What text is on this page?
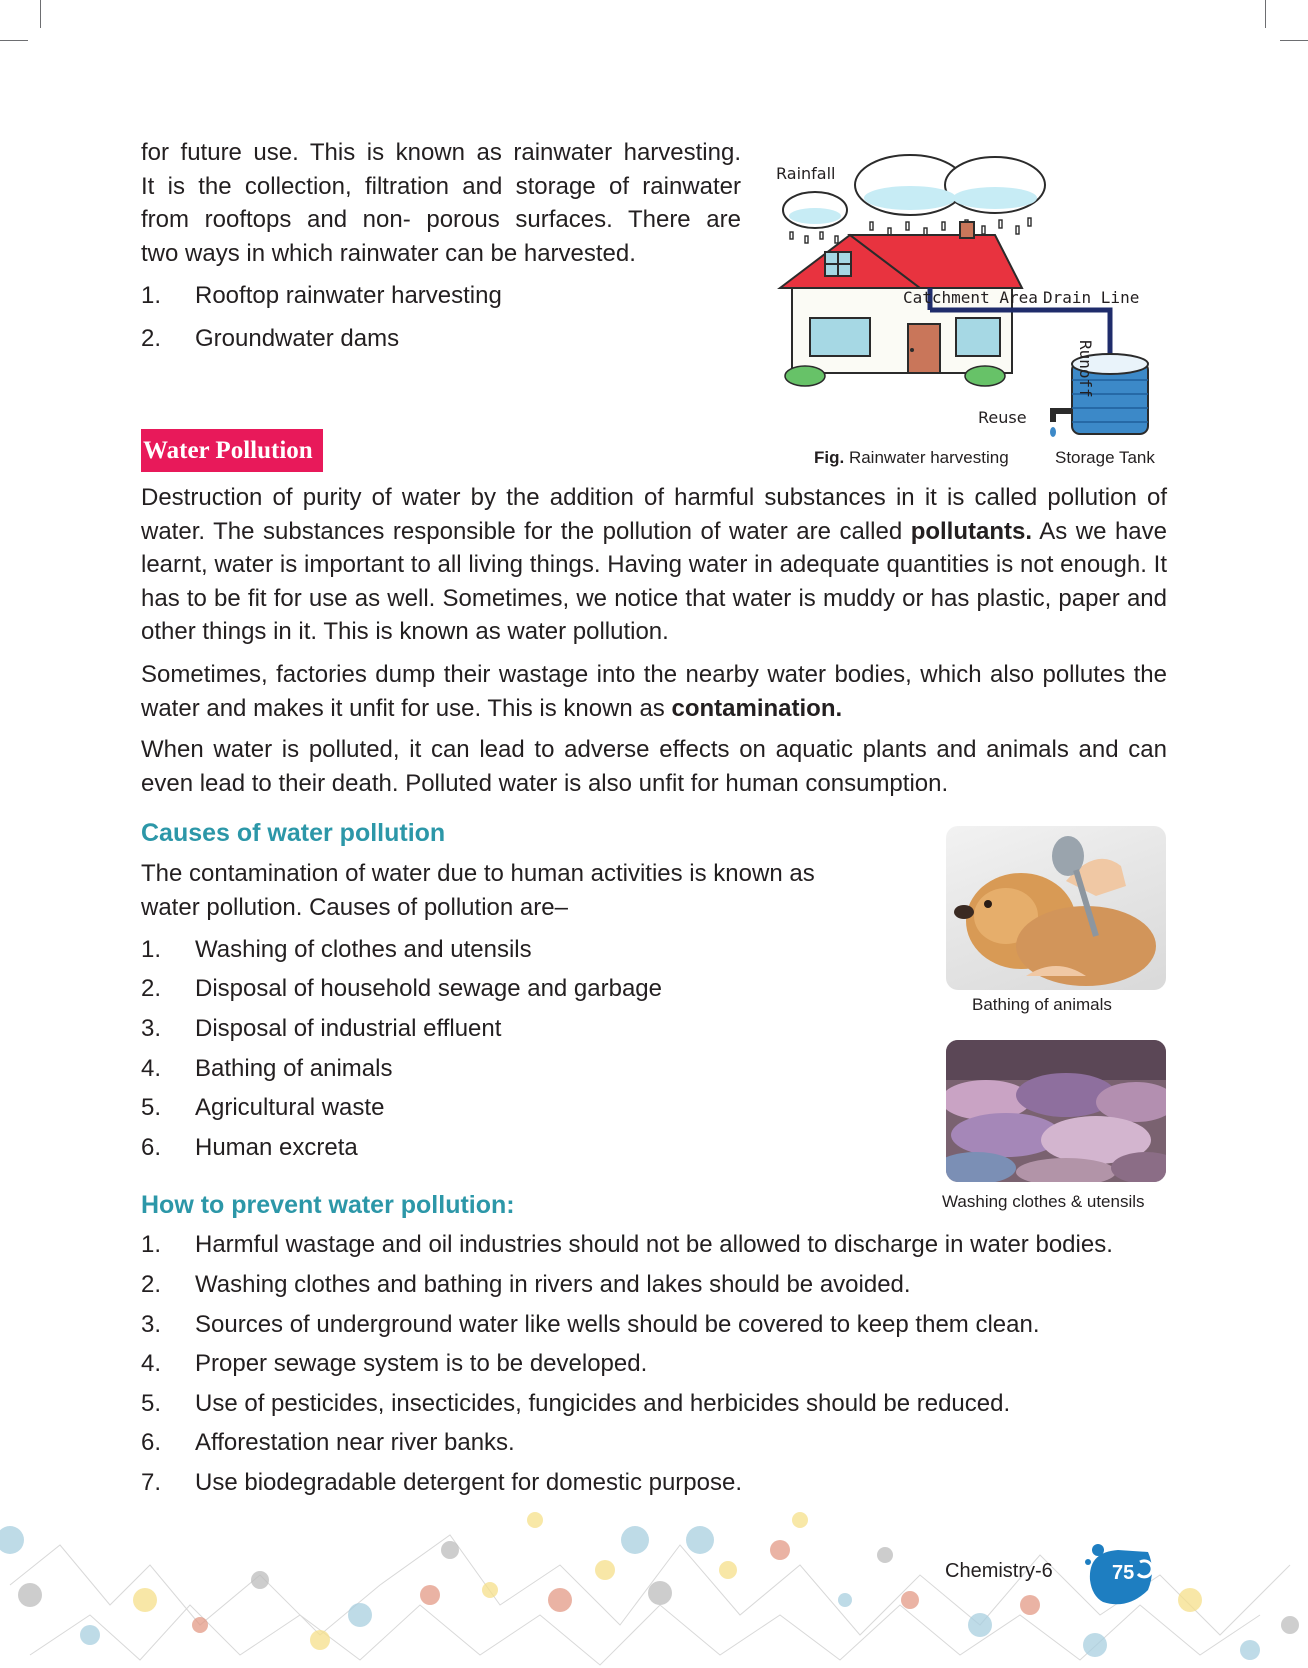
for future use. This is known as rainwater harvesting.
It is the collection, filtration and storage of rainwater
from rooftops and non- porous surfaces. There are
two ways in which rainwater can be harvested.
1. Rooftop rainwater harvesting
2. Groundwater dams
Rainfall
Catchment Area Drain Line
Runoff
Reuse
Storage Tank
Fig. Rainwater harvesting
Water Pollution
Destruction of purity of water by the addition of harmful substances in it is called pollution of water. The substances responsible for the pollution of water are called pollutants. As we have learnt, water is important to all living things. Having water in adequate quantities is not enough. It has to be fit for use as well. Sometimes, we notice that water is muddy or has plastic, paper and other things in it. This is known as water pollution.
Sometimes, factories dump their wastage into the nearby water bodies, which also pollutes the water and makes it unfit for use. This is known as contamination.
When water is polluted, it can lead to adverse effects on aquatic plants and animals and can even lead to their death. Polluted water is also unfit for human consumption.
Causes of water pollution
The contamination of water due to human activities is known as
water pollution. Causes of pollution are–
1. Washing of clothes and utensils
2. Disposal of household sewage and garbage
3. Disposal of industrial effluent
4. Bathing of animals
5. Agricultural waste
6. Human excreta
Bathing of animals
Washing clothes & utensils
How to prevent water pollution:
1. Harmful wastage and oil industries should not be allowed to discharge in water bodies.
2. Washing clothes and bathing in rivers and lakes should be avoided.
3. Sources of underground water like wells should be covered to keep them clean.
4. Proper sewage system is to be developed.
5. Use of pesticides, insecticides, fungicides and herbicides should be reduced.
6. Afforestation near river banks.
7. Use biodegradable detergent for domestic purpose.
Chemistry-6	75
